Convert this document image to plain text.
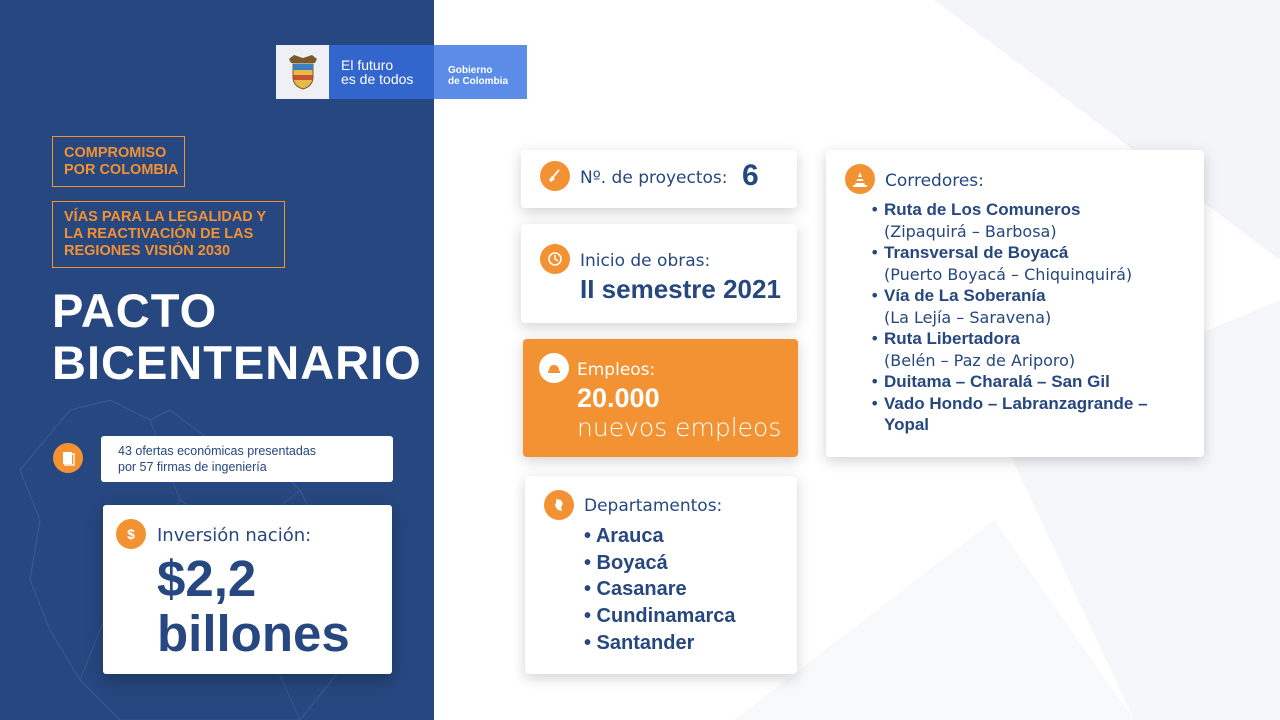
El futuro
es de todos
Gobierno
de Colombia
COMPROMISO
POR COLOMBIA
VÍAS PARA LA LEGALIDAD Y
LA REACTIVACIÓN DE LAS
REGIONES VISIÓN 2030
PACTO
BICENTENARIO
43 ofertas económicas presentadas
por 57 firmas de ingeniería
$ Inversión nación:
$2,2
billones
Nº. de proyectos: 6
Inicio de obras:
II semestre 2021
Empleos:
20.000
nuevos empleos
Departamentos:
• Arauca
• Boyacá
• Casanare
• Cundinamarca
• Santander
Corredores:
• Ruta de Los Comuneros
(Zipaquirá – Barbosa)
• Transversal de Boyacá
(Puerto Boyacá – Chiquinquirá)
• Vía de La Soberanía
(La Lejía – Saravena)
• Ruta Libertadora
(Belén – Paz de Ariporo)
• Duitama – Charalá – San Gil
• Vado Hondo – Labranzagrande – Yopal
